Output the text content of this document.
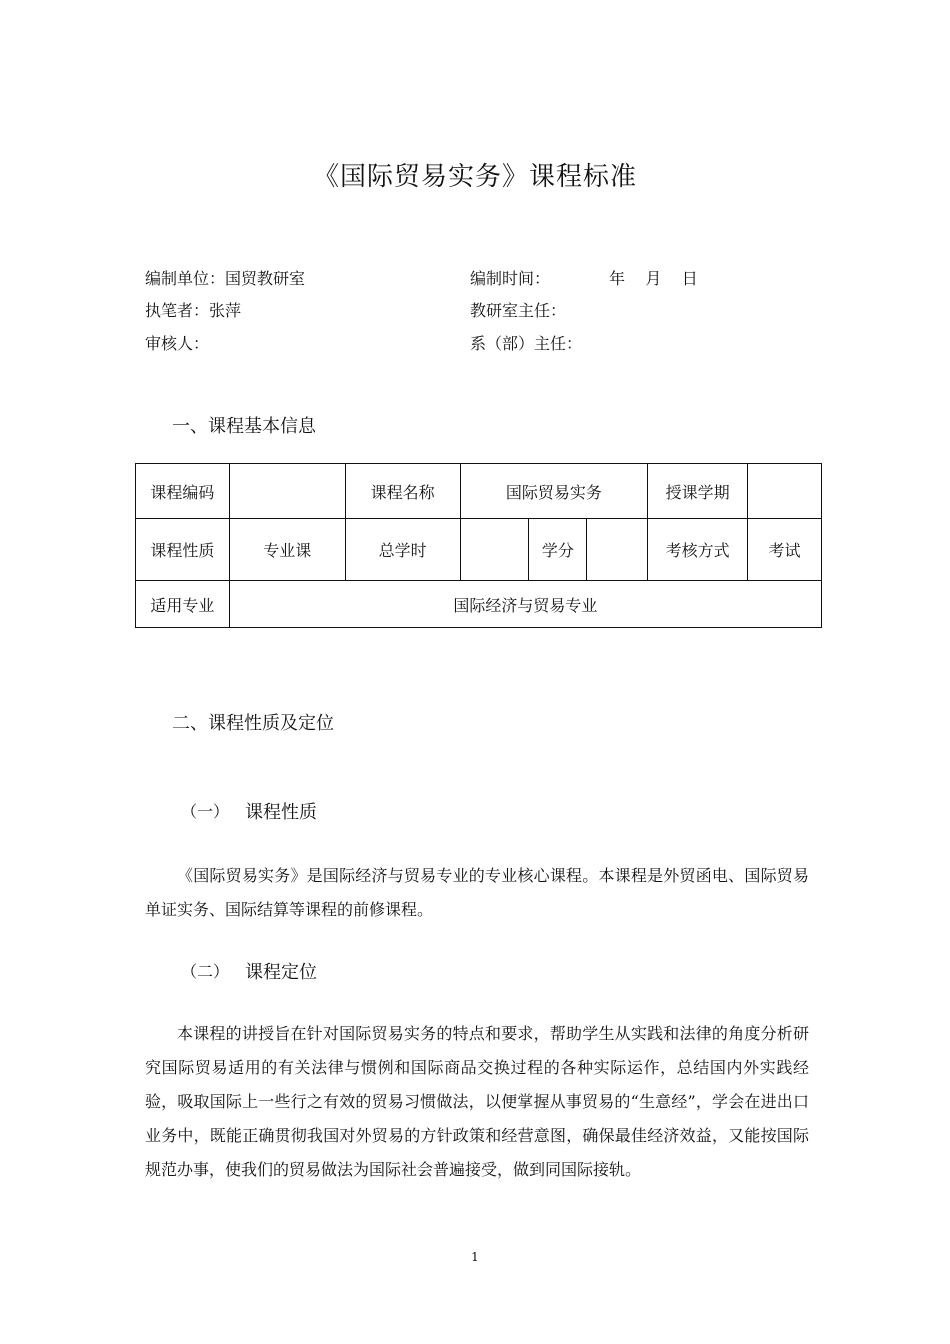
《国际贸易实务》课程标准
编制单位：国贸教研室	编制时间：	年    月    日
执笔者：张萍	教研室主任：
审核人：	系（部）主任：
一、课程基本信息
课程编码		课程名称	国际贸易实务			授课学期	
课程性质	专业课	总学时		学分		考核方式	考试
适用专业	国际经济与贸易专业						
二、课程性质及定位
（一） 课程性质
《国际贸易实务》是国际经济与贸易专业的专业核心课程。本课程是外贸函电、国际贸易单证实务、国际结算等课程的前修课程。
（二） 课程定位
本课程的讲授旨在针对国际贸易实务的特点和要求，帮助学生从实践和法律的角度分析研究国际贸易适用的有关法律与惯例和国际商品交换过程的各种实际运作，总结国内外实践经验，吸取国际上一些行之有效的贸易习惯做法，以便掌握从事贸易的“生意经”，学会在进出口业务中，既能正确贯彻我国对外贸易的方针政策和经营意图，确保最佳经济效益，又能按国际规范办事，使我们的贸易做法为国际社会普遍接受，做到同国际接轨。
1
